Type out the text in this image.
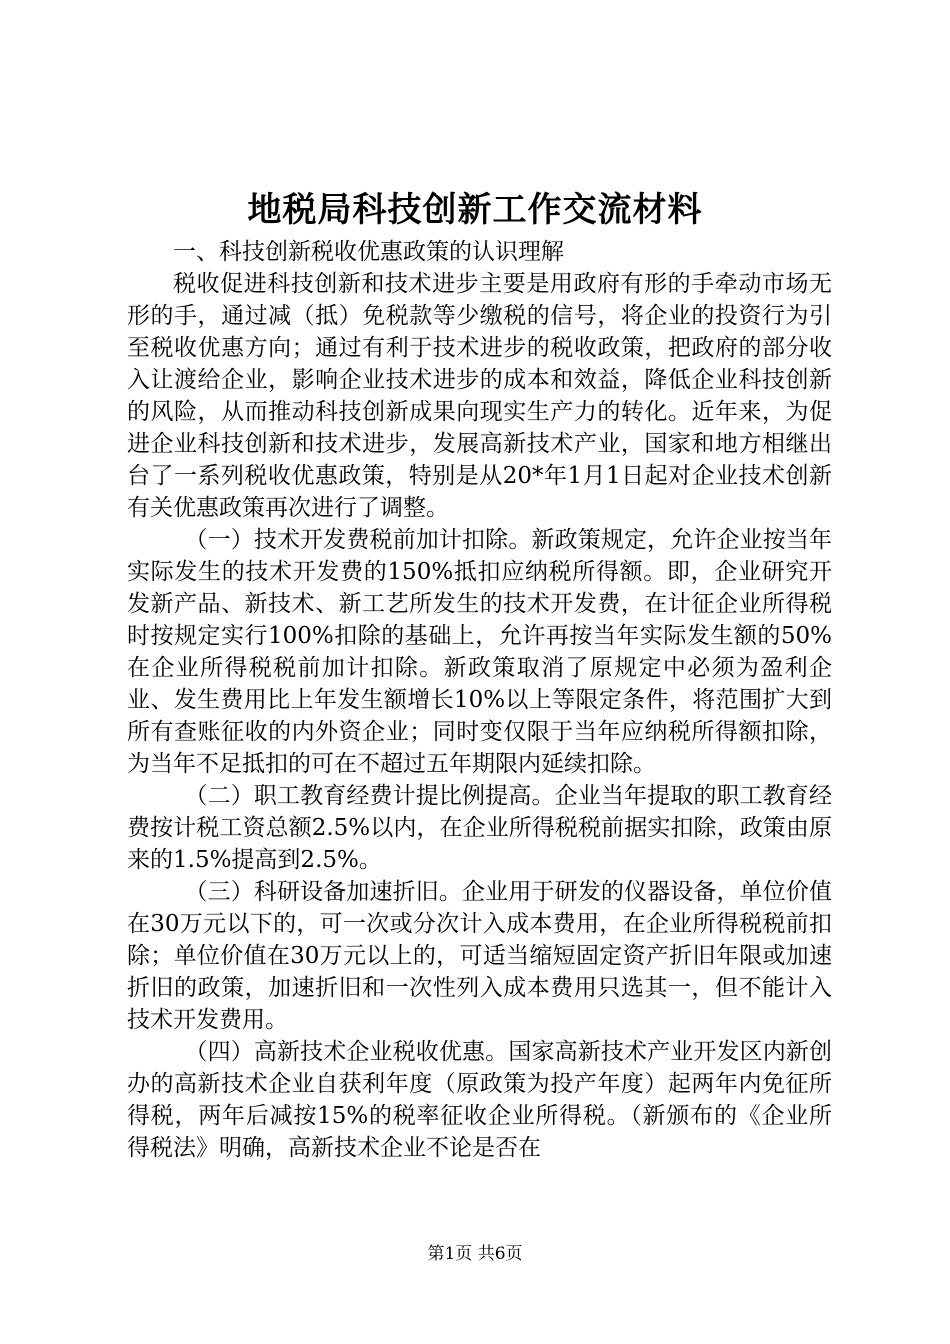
地税局科技创新工作交流材料

一、科技创新税收优惠政策的认识理解

税收促进科技创新和技术进步主要是用政府有形的手牵动市场无形的手，通过减（抵）免税款等少缴税的信号，将企业的投资行为引至税收优惠方向；通过有利于技术进步的税收政策，把政府的部分收入让渡给企业，影响企业技术进步的成本和效益，降低企业科技创新的风险，从而推动科技创新成果向现实生产力的转化。近年来，为促进企业科技创新和技术进步，发展高新技术产业，国家和地方相继出台了一系列税收优惠政策，特别是从20*年1月1日起对企业技术创新有关优惠政策再次进行了调整。

（一）技术开发费税前加计扣除。新政策规定，允许企业按当年实际发生的技术开发费的150%抵扣应纳税所得额。即，企业研究开发新产品、新技术、新工艺所发生的技术开发费，在计征企业所得税时按规定实行100%扣除的基础上，允许再按当年实际发生额的50%在企业所得税税前加计扣除。新政策取消了原规定中必须为盈利企业、发生费用比上年发生额增长10%以上等限定条件，将范围扩大到所有查账征收的内外资企业；同时变仅限于当年应纳税所得额扣除，为当年不足抵扣的可在不超过五年期限内延续扣除。

（二）职工教育经费计提比例提高。企业当年提取的职工教育经费按计税工资总额2.5%以内，在企业所得税税前据实扣除，政策由原来的1.5%提高到2.5%。

（三）科研设备加速折旧。企业用于研发的仪器设备，单位价值在30万元以下的，可一次或分次计入成本费用，在企业所得税税前扣除；单位价值在30万元以上的，可适当缩短固定资产折旧年限或加速折旧的政策，加速折旧和一次性列入成本费用只选其一，但不能计入技术开发费用。

（四）高新技术企业税收优惠。国家高新技术产业开发区内新创办的高新技术企业自获利年度（原政策为投产年度）起两年内免征所得税，两年后减按15%的税率征收企业所得税。（新颁布的《企业所得税法》明确，高新技术企业不论是否在

第1页 共6页
